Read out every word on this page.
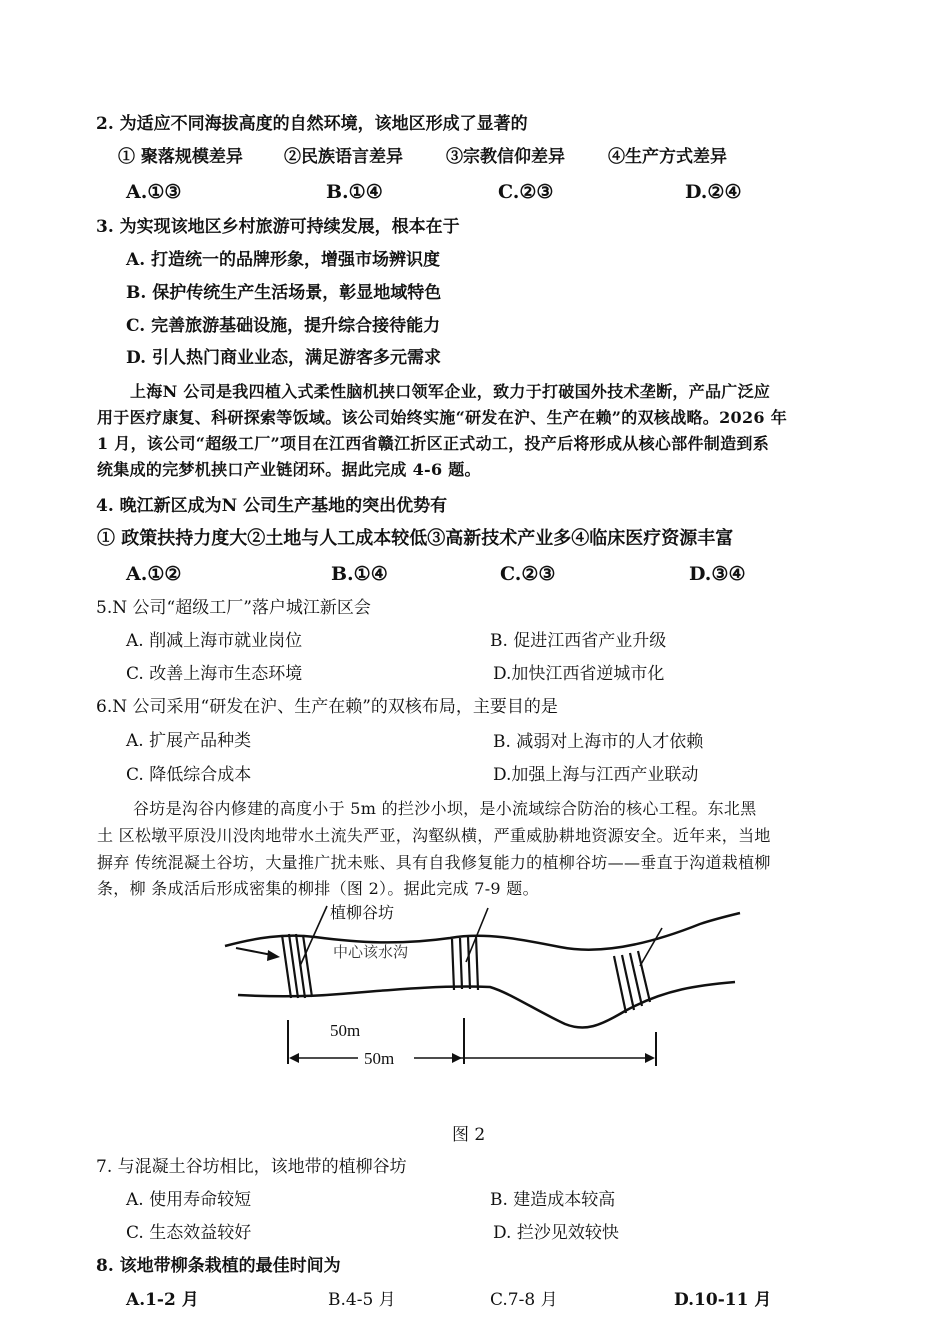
2. 为适应不同海拔高度的自然环境，该地区形成了显著的
① 聚落规模差异 ②民族语言差异	③宗教信仰差异	④生产方式差异
A.①③	B.①④	C.②③	D.②④
3. 为实现该地区乡村旅游可持续发展，根本在于
A. 打造统一的品牌形象，增强市场辨识度
B. 保护传统生产生活场景，彰显地域特色
C. 完善旅游基础设施，提升综合接待能力
D. 引人热门商业业态，满足游客多元需求
上海N 公司是我四植入式柔性脑机挟口领军企业，致力于打破国外技术垄断，产品广泛应
用于医疗康复、科研探索等饭域。该公司始终实施“研发在沪、生产在赖”的双核战略。2026 年
1 月，该公司“超级工厂”项目在江西省赣江折区正式动工，投产后将形成从核心部件制造到系
统集成的完梦机挟口产业链闭环。据此完成 4-6 题。
4. 晚江新区成为N 公司生产基地的突出优势有
① 政策扶持力度大②土地与人工成本较低③高新技术产业多④临床医疗资源丰富
A.①②	B.①④	C.②③	D.③④
5.N 公司“超级工厂”落户城江新区会
A. 削减上海市就业岗位	B. 促进江西省产业升级
C. 改善上海市生态环境	D.加快江西省逆城市化
6.N 公司采用“研发在沪、生产在赖”的双核布局，主要目的是
A. 扩展产品种类	B. 减弱对上海市的人才依赖
C. 降低综合成本	D.加强上海与江西产业联动
谷坊是沟谷内修建的高度小于 5m 的拦沙小坝，是小流域综合防治的核心工程。东北黑
土 区松墩平原没川没肉地带水土流失严亚，沟壑纵横，严重威胁耕地资源安全。近年来，当地
摒弃 传统混凝土谷坊，大量推广扰未账、具有自我修复能力的植柳谷坊——垂直于沟道栽植柳
条，柳 条成活后形成密集的柳排（图 2）。据此完成 7-9 题。
植柳谷坊
中心该水沟
50m
50m
图 2
7. 与混凝土谷坊相比，该地带的植柳谷坊
A. 使用寿命较短	B. 建造成本较高
C. 生态效益较好	D. 拦沙见效较快
8. 该地带柳条栽植的最佳时间为
A.1-2 月	B.4-5 月	C.7-8 月	D.10-11 月
